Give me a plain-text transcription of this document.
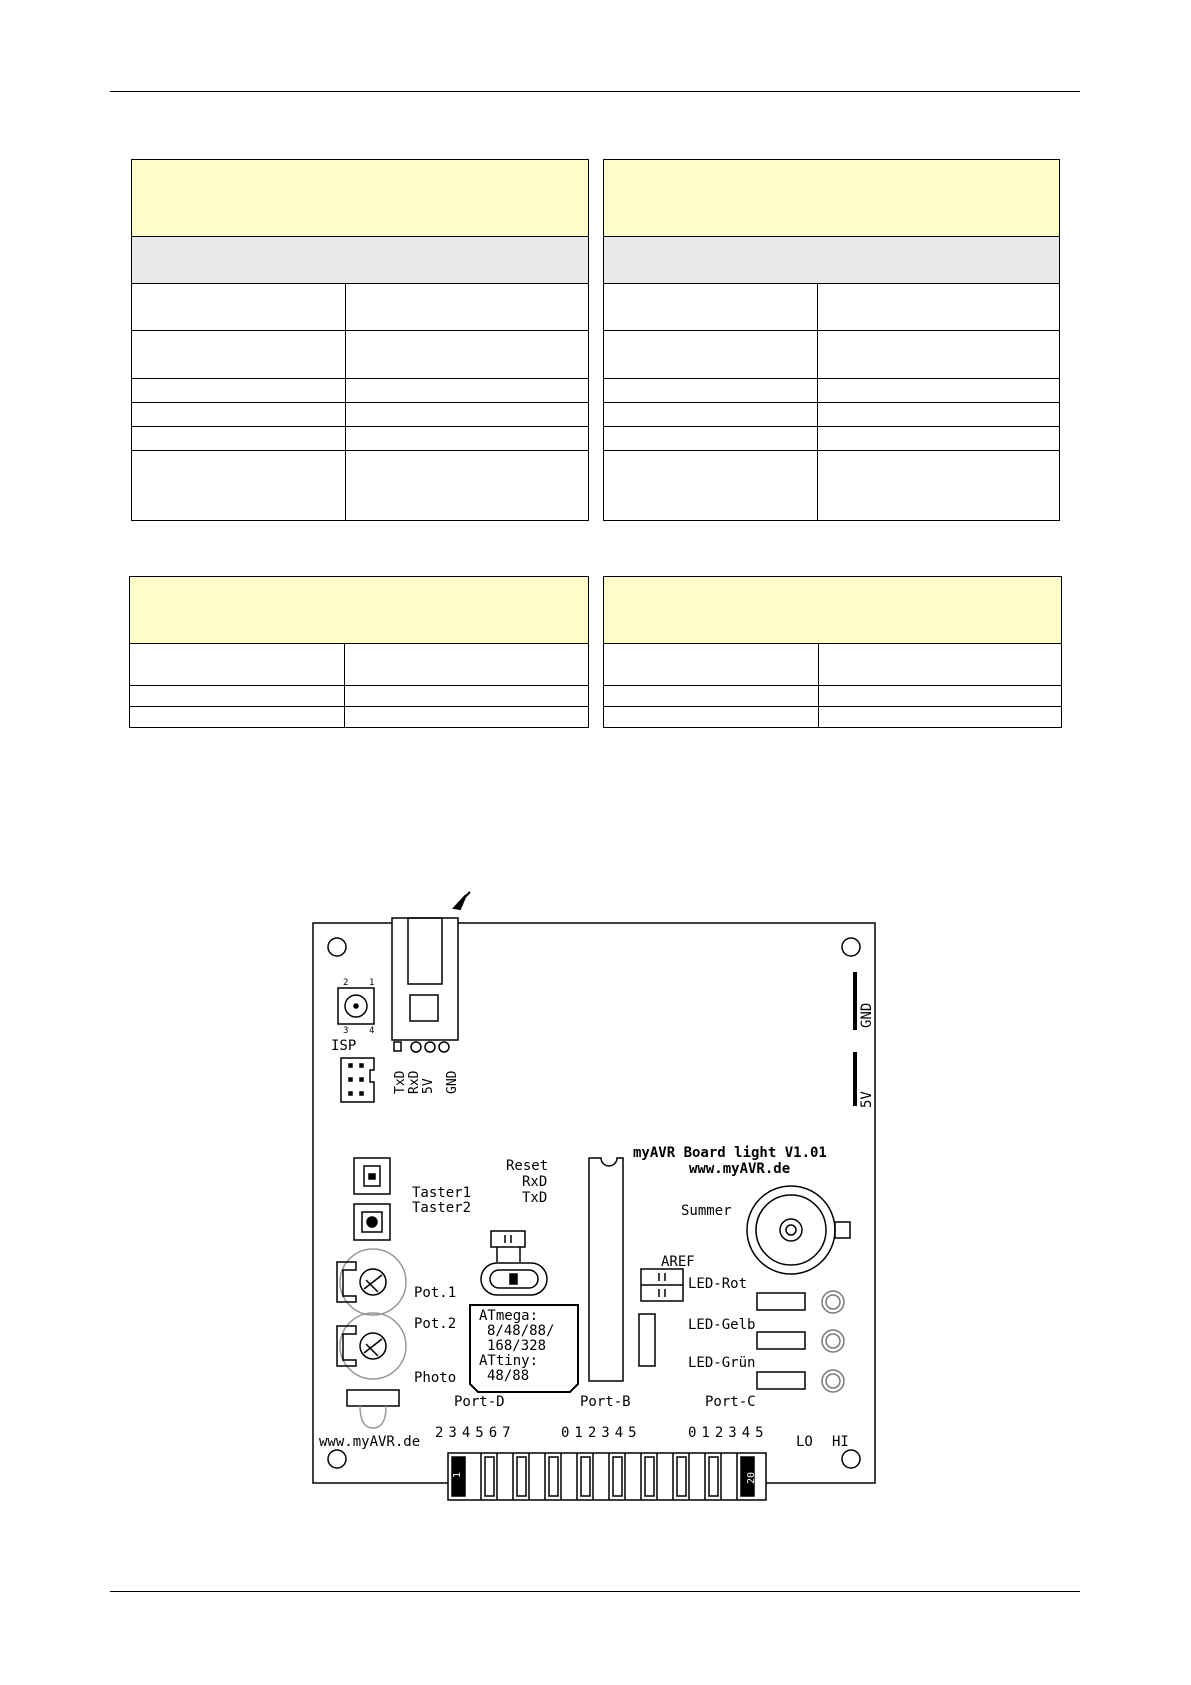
myAVR Board light V1.01
www.myAVR.de
ISP
TxD RxD 5V GND
GND
5V
Reset
RxD
TxD
Taster1
Taster2
Pot.1
Pot.2
Photo
Summer
AREF
LED-Rot
LED-Gelb
LED-Grün
ATmega:
8/48/88/
168/328
ATtiny:
48/88
Port-D	Port-B	Port-C
www.myAVR.de
234567	012345	012345
LO HI
1	20
2 1
3 4
